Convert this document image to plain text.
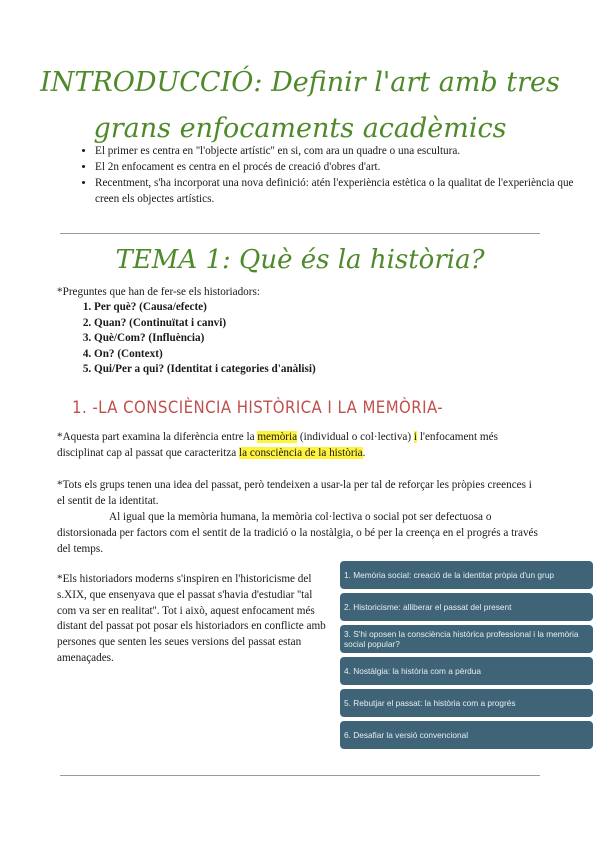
INTRODUCCIÓ: Definir l'art amb tres grans enfocaments acadèmics
• El primer es centra en ''l'objecte artístic'' en si, com ara un quadre o una escultura.
• El 2n enfocament es centra en el procés de creació d'obres d'art.
• Recentment, s'ha incorporat una nova definició: atén l'experiència estètica o la qualitat de l'experiència que creen els objectes artístics.
TEMA 1: Què és la història?
*Preguntes que han de fer-se els historiadors:
1. Per què? (Causa/efecte)
2. Quan? (Continuïtat i canvi)
3. Què/Com? (Influència)
4. On? (Context)
5. Qui/Per a qui? (Identitat i categories d'anàlisi)
1. -LA CONSCIÈNCIA HISTÒRICA I LA MEMÒRIA-

*Aquesta part examina la diferència entre la memòria (individual o col·lectiva) i l'enfocament més disciplinat cap al passat que caracteritza la consciència de la història.

*Tots els grups tenen una idea del passat, però tendeixen a usar-la per tal de reforçar les pròpies creences i el sentit de la identitat.

Al igual que la memòria humana, la memòria col·lectiva o social pot ser defectuosa o distorsionada per factors com el sentit de la tradició o la nostàlgia, o bé per la creença en el progrés a través del temps.

*Els historiadors moderns s'inspiren en l'historicisme del s.XIX, que ensenyava que el passat s'havia d'estudiar ''tal com va ser en realitat''. Tot i això, aquest enfocament més distant del passat pot posar els historiadors en conflicte amb persones que senten les seues versions del passat estan amenaçades.

1. Memòria social: creació de la identitat pròpia d'un grup
2. Historicisme: alliberar el passat del present
3. S'hi oposen la consciència històrica professional i la memòria social popular?
4. Nostàlgia: la història com a pèrdua
5. Rebutjar el passat: la història com a progrés
6. Desafiar la versió convencional
